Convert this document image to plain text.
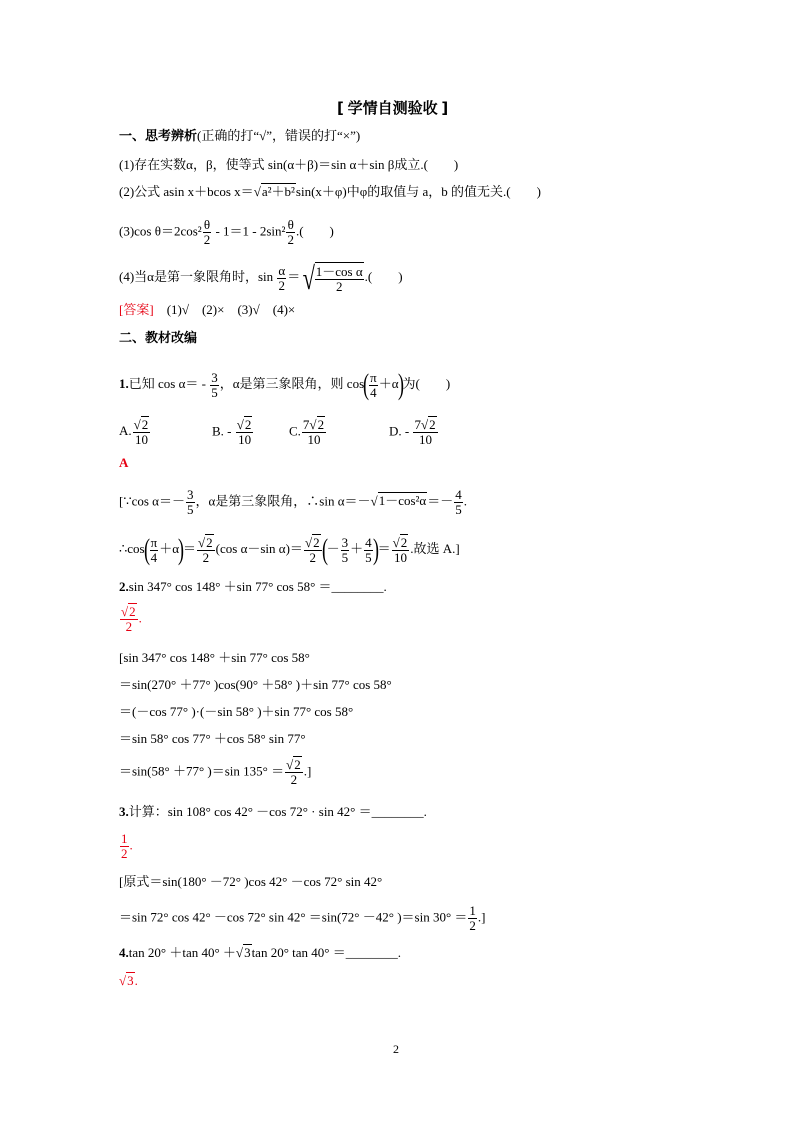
[ 学情自测验收 ]
一、思考辨析(正确的打“√”，错误的打“×”)
(1)存在实数α，β，使等式 sin(α＋β)＝sin α＋sin β成立.(　　)
(2)公式 asin x＋bcos x＝√a²＋b²sin(x＋φ)中φ的取值与 a，b 的值无关.(　　)
(3)cos $\theta=2\cos^2 \frac{\theta}{2} - 1=1 - 2\sin^2 \frac{\theta}{2}$ .(　　)
(4)当α是第一象限角时，$\sin \frac{\alpha}{2}$ ＝√ $\frac{\text{1－cos α}}{2}$ .(　　)
[答案]　 (1)√　(2)×　(3)√　(4)×
二、教材改编
1.已知 $\cos \alpha= - \frac{3}{5}$ ，α是第三象限角，则 $\cos( \frac{\pi}{4} +\alpha)$为(　　)
A. $\frac{√2}{10}$	B. - $\frac{√2}{10}$	C. $\frac{7√2}{10}$	D. - $\frac{7√2}{10}$
A
[∵cos $\alpha=- \frac{3}{5}$ ，α是第三象限角，∴sin $\alpha=-√1-\cos^2\alpha=- \frac{4}{5}$ .
∴cos( $\frac{\pi}{4} +\alpha)= \frac{√2}{2} (\cos$ α－sin $\alpha)= \frac{√2}{2}$ (－ $\frac{3}{5} + \frac{4}{5}$ )＝ $\frac{√2}{10}$ .故选 A.]
2.sin 347° cos 148° ＋sin 77° cos 58° ＝________.
$\frac{√2}{2}$ .
[sin 347° cos 148° ＋sin 77° cos 58°
＝sin(270° ＋77° )cos(90° ＋58° )＋sin 77° cos 58°
＝(－cos 77° )·(－sin 58° )＋sin 77° cos 58°
＝sin 58° cos 77° ＋cos 58° sin 77°
＝sin(58° ＋77° )＝sin $135^\circ = \frac{√2}{2}$ .]
3.计算：sin 108° cos 42° －cos 72° · sin 42° ＝________.
$\frac{1}{2}$ .
[原式＝sin(180° －72° )cos 42° －cos 72° sin 42°
＝sin 72° cos 42° －cos 72° sin 42° ＝sin(72° －42° )＝sin $30^\circ = \frac{1}{2}$ .]
4.tan 20° ＋tan 40° ＋√3tan 20° tan 40° ＝________.
√3.
2
